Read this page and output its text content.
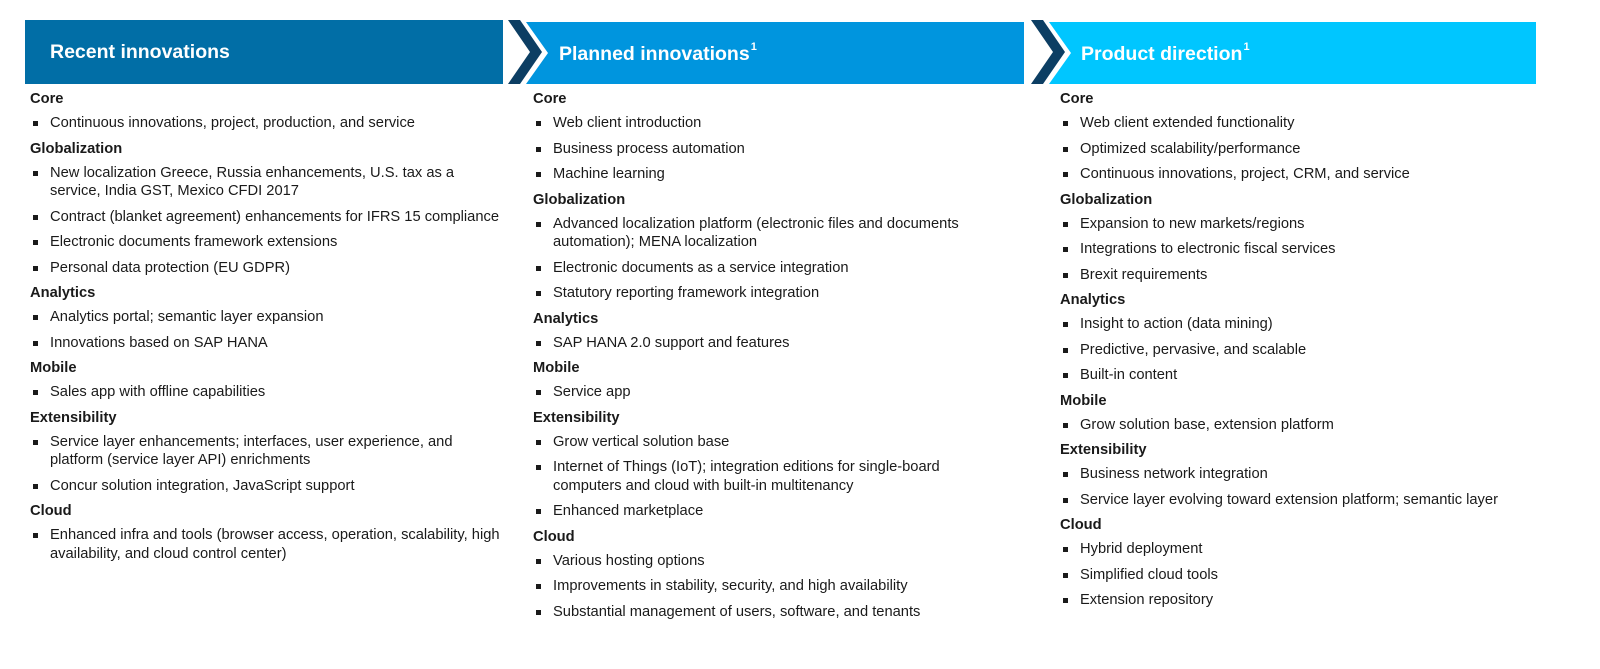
Recent innovations	Planned innovations$^1$	Product direction$^1$
Core
Continuous innovations, project, production, and service
Globalization
New localization Greece, Russia enhancements, U.S. tax as a service, India GST, Mexico CFDI 2017
Contract (blanket agreement) enhancements for IFRS 15 compliance
Electronic documents framework extensions
Personal data protection (EU GDPR)
Analytics
Analytics portal; semantic layer expansion
Innovations based on SAP HANA
Mobile
Sales app with offline capabilities
Extensibility
Service layer enhancements; interfaces, user experience, and platform (service layer API) enrichments
Concur solution integration, JavaScript support
Cloud
Enhanced infra and tools (browser access, operation, scalability, high availability, and cloud control center)
Core
Web client introduction
Business process automation
Machine learning
Globalization
Advanced localization platform (electronic files and documents automation); MENA localization
Electronic documents as a service integration
Statutory reporting framework integration
Analytics
SAP HANA 2.0 support and features
Mobile
Service app
Extensibility
Grow vertical solution base
Internet of Things (IoT); integration editions for single-board computers and cloud with built-in multitenancy
Enhanced marketplace
Cloud
Various hosting options
Improvements in stability, security, and high availability
Substantial management of users, software, and tenants
Core
Web client extended functionality
Optimized scalability/performance
Continuous innovations, project, CRM, and service
Globalization
Expansion to new markets/regions
Integrations to electronic fiscal services
Brexit requirements
Analytics
Insight to action (data mining)
Predictive, pervasive, and scalable
Built-in content
Mobile
Grow solution base, extension platform
Extensibility
Business network integration
Service layer evolving toward extension platform; semantic layer
Cloud
Hybrid deployment
Simplified cloud tools
Extension repository
